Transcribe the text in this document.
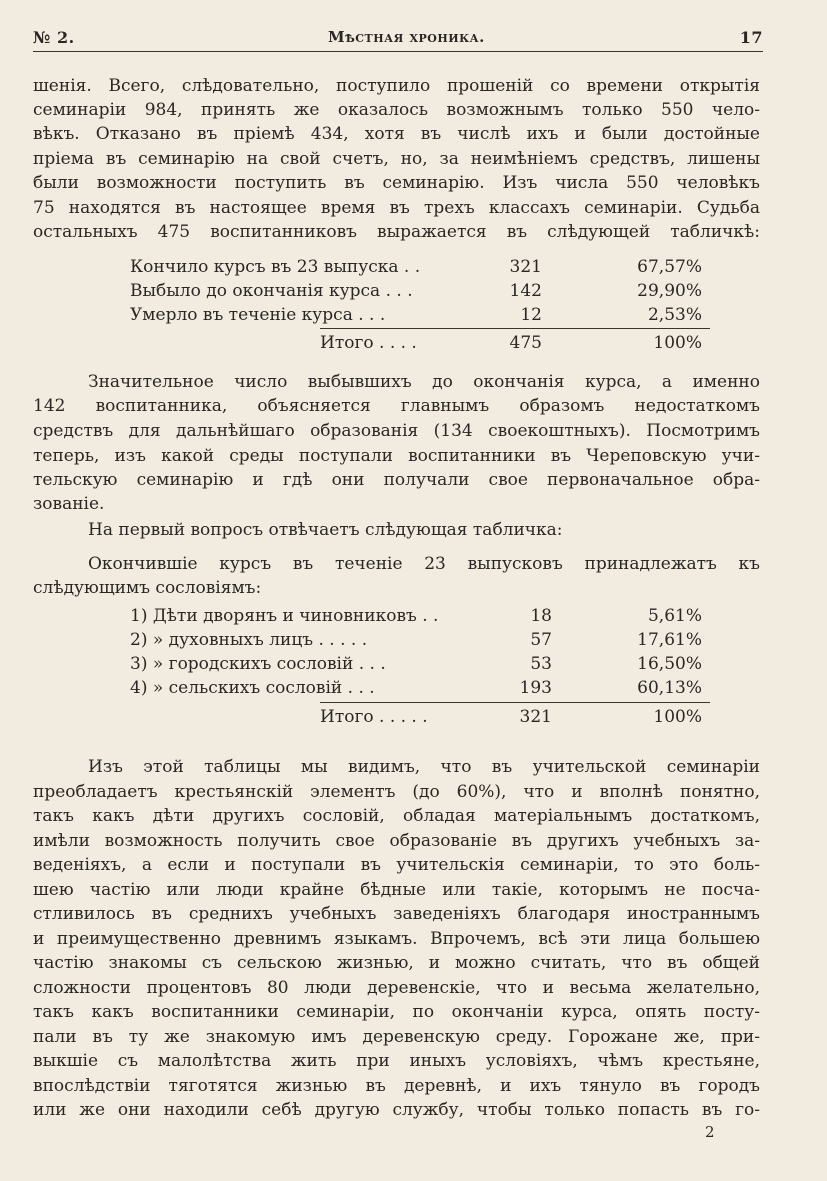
№ 2.	Мѣстная хроника.	17
шенія. Всего, слѣдовательно, поступило прошеній со времени открытія
семинаріи 984, принять же оказалось возможнымъ только 550 чело-
вѣкъ. Отказано въ пріемѣ 434, хотя въ числѣ ихъ и были достойные
пріема въ семинарію на свой счетъ, но, за неимѣніемъ средствъ, лишены
были возможности поступить въ семинарію. Изъ числа 550 человѣкъ
75 находятся въ настоящее время въ трехъ классахъ семинаріи. Судьба
остальныхъ 475 воспитанниковъ выражается въ слѣдующей табличкѣ:
Кончило курсъ въ 23 выпуска . .	321	67,57%
Выбыло до окончанія курса . . .	142	29,90%
Умерло въ теченіе курса . . .	12	2,53%
Итого . . . .	475	100%
Значительное число выбывшихъ до окончанія курса, а именно
142 воспитанника, объясняется главнымъ образомъ недостаткомъ
средствъ для дальнѣйшаго образованія (134 своекоштныхъ). Посмотримъ
теперь, изъ какой среды поступали воспитанники въ Череповскую учи-
тельскую семинарію и гдѣ они получали свое первоначальное обра-
зованіе.
На первый вопросъ отвѣчаетъ слѣдующая табличка:
Окончившіе курсъ въ теченіе 23 выпусковъ принадлежатъ къ
слѣдующимъ сословіямъ:
1) Дѣти дворянъ и чиновниковъ . .	18	5,61%
2) » духовныхъ лицъ . . . . .	57	17,61%
3) » городскихъ сословій . . .	53	16,50%
4) » сельскихъ сословій . . .	193	60,13%
Итого . . . . .	321	100%
Изъ этой таблицы мы видимъ, что въ учительской семинаріи
преобладаетъ крестьянскій элементъ (до 60%), что и вполнѣ понятно,
такъ какъ дѣти другихъ сословій, обладая матеріальнымъ достаткомъ,
имѣли возможность получить свое образованіе въ другихъ учебныхъ за-
веденіяхъ, а если и поступали въ учительскія семинаріи, то это боль-
шею частію или люди крайне бѣдные или такіе, которымъ не посча-
стливилось въ среднихъ учебныхъ заведеніяхъ благодаря иностраннымъ
и преимущественно древнимъ языкамъ. Впрочемъ, всѣ эти лица большею
частію знакомы съ сельскою жизнью, и можно считать, что въ общей
сложности процентовъ 80 люди деревенскіе, что и весьма желательно,
такъ какъ воспитанники семинаріи, по окончаніи курса, опять посту-
пали въ ту же знакомую имъ деревенскую среду. Горожане же, при-
выкшіе съ малолѣтства жить при иныхъ условіяхъ, чѣмъ крестьяне,
впослѣдствіи тяготятся жизнью въ деревнѣ, и ихъ тянуло въ городъ
или же они находили себѣ другую службу, чтобы только попасть въ го-
2
